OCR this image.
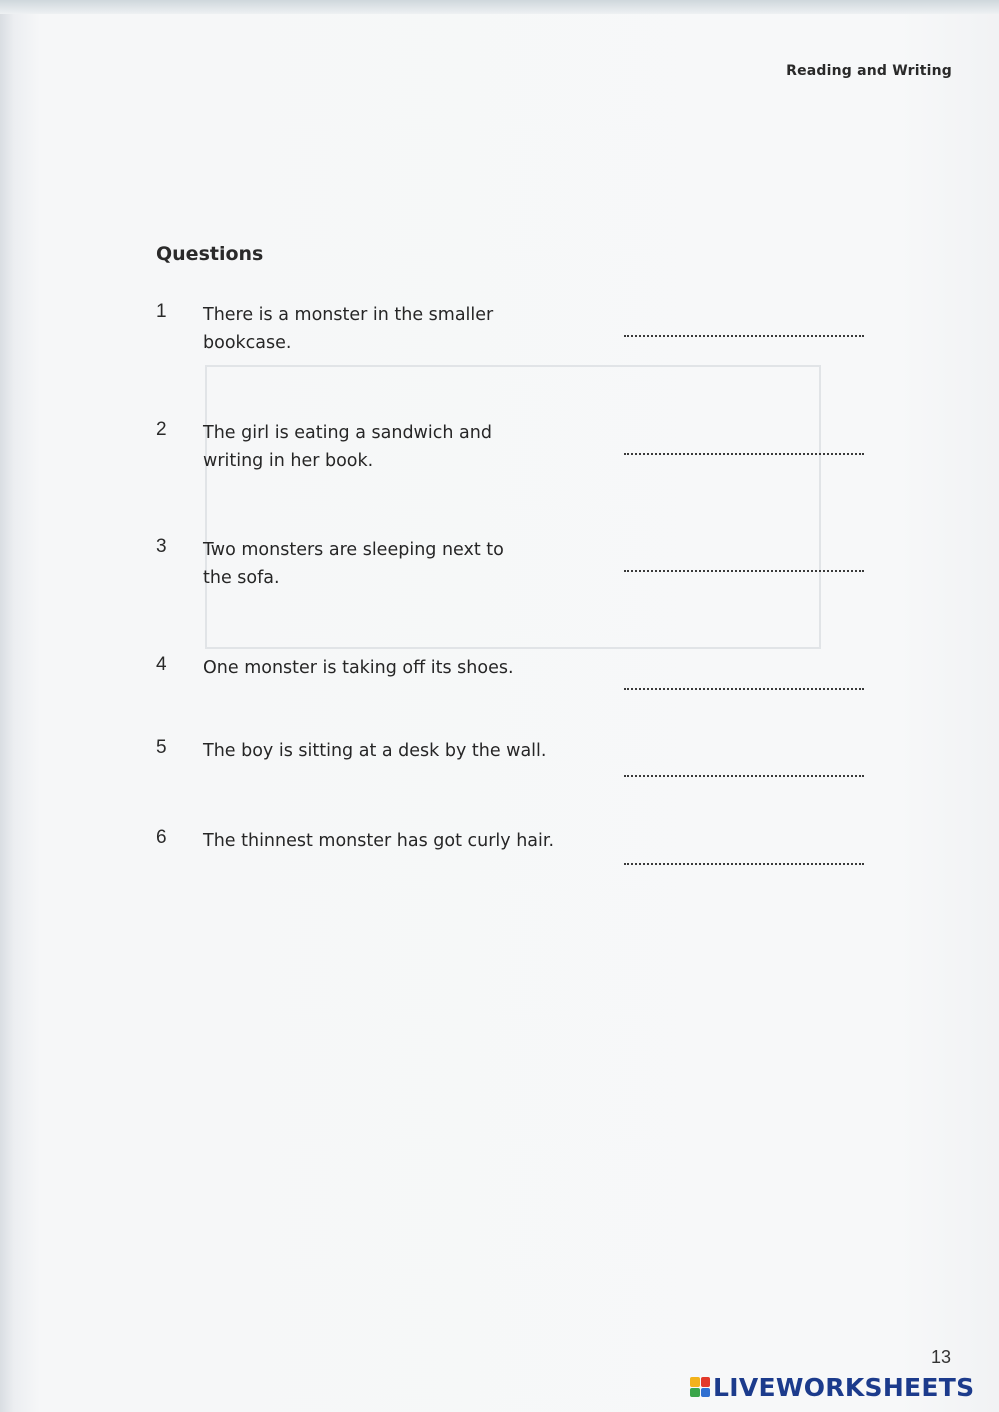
Reading and Writing
Questions
1 There is a monster in the smaller bookcase.
2 The girl is eating a sandwich and writing in her book.
3 Two monsters are sleeping next to the sofa.
4 One monster is taking off its shoes.
5 The boy is sitting at a desk by the wall.
6 The thinnest monster has got curly hair.
13
LIVEWORKSHEETS
